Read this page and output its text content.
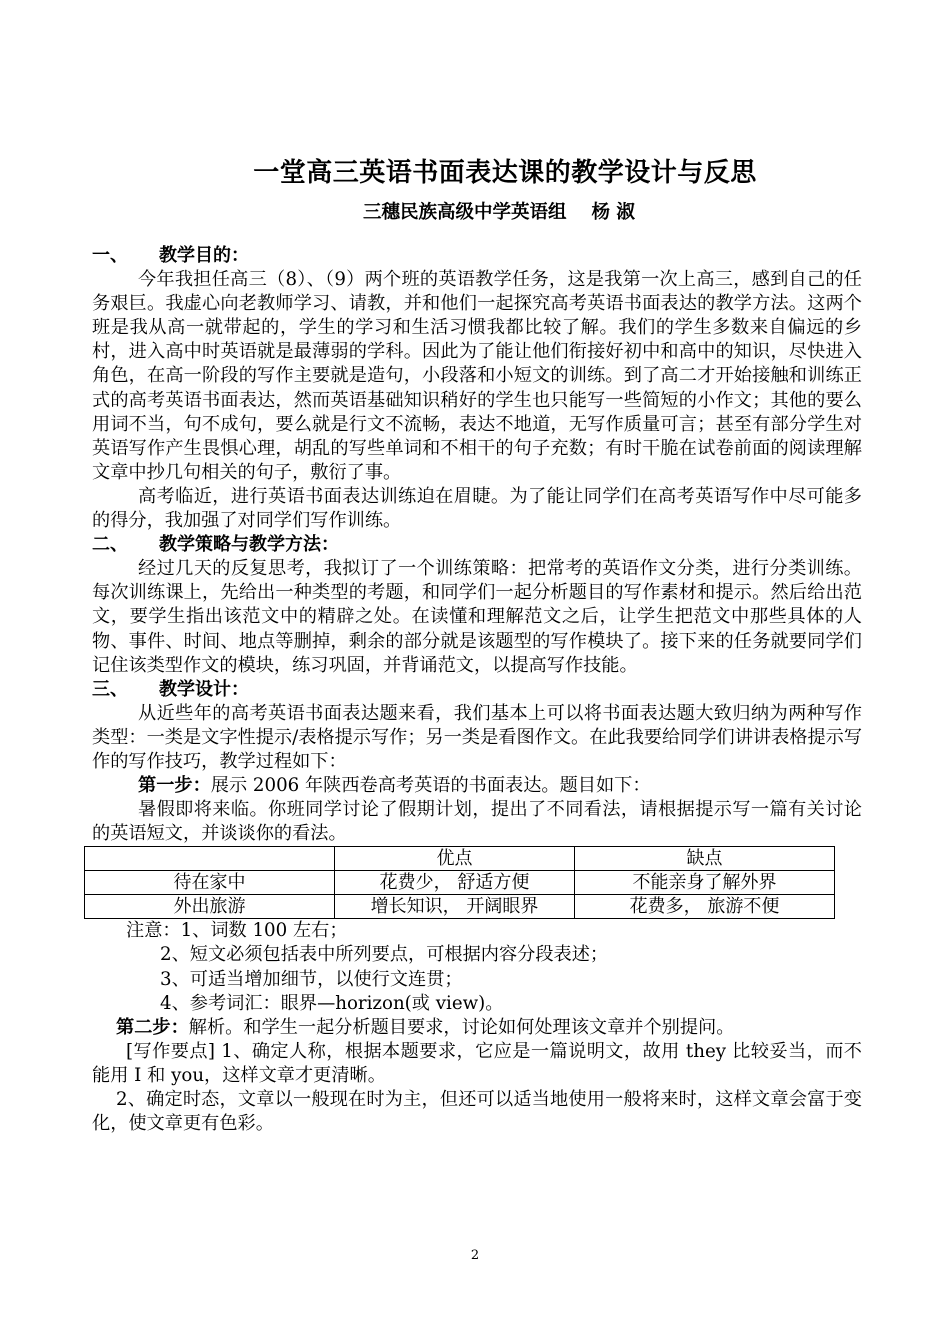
一堂高三英语书面表达课的教学设计与反思
三穗民族高级中学英语组　 杨 淑
一、 教学目的：

今年我担任高三（8）、（9）两个班的英语教学任务，这是我第一次上高三，感到自己的任务艰巨。我虚心向老教师学习、请教，并和他们一起探究高考英语书面表达的教学方法。这两个班是我从高一就带起的，学生的学习和生活习惯我都比较了解。我们的学生多数来自偏远的乡村，进入高中时英语就是最薄弱的学科。因此为了能让他们衔接好初中和高中的知识，尽快进入角色，在高一阶段的写作主要就是造句，小段落和小短文的训练。到了高二才开始接触和训练正式的高考英语书面表达，然而英语基础知识稍好的学生也只能写一些简短的小作文；其他的要么用词不当，句不成句，要么就是行文不流畅，表达不地道，无写作质量可言；甚至有部分学生对英语写作产生畏惧心理，胡乱的写些单词和不相干的句子充数；有时干脆在试卷前面的阅读理解文章中抄几句相关的句子，敷衍了事。

高考临近，进行英语书面表达训练迫在眉睫。为了能让同学们在高考英语写作中尽可能多的得分，我加强了对同学们写作训练。

二、 教学策略与教学方法：

经过几天的反复思考，我拟订了一个训练策略：把常考的英语作文分类，进行分类训练。每次训练课上，先给出一种类型的考题，和同学们一起分析题目的写作素材和提示。然后给出范文，要学生指出该范文中的精辟之处。在读懂和理解范文之后，让学生把范文中那些具体的人物、事件、时间、地点等删掉，剩余的部分就是该题型的写作模块了。接下来的任务就要同学们记住该类型作文的模块，练习巩固，并背诵范文，以提高写作技能。

三、 教学设计：

从近些年的高考英语书面表达题来看，我们基本上可以将书面表达题大致归纳为两种写作类型：一类是文字性提示/表格提示写作；另一类是看图作文。在此我要给同学们讲讲表格提示写作的写作技巧，教学过程如下：

第一步：展示 2006 年陕西卷高考英语的书面表达。题目如下：

暑假即将来临。你班同学讨论了假期计划，提出了不同看法，请根据提示写一篇有关讨论的英语短文，并谈谈你的看法。

	优点	缺点
待在家中	花费少， 舒适方便	不能亲身了解外界
外出旅游	增长知识， 开阔眼界	花费多， 旅游不便
注意：1、词数 100 左右；
2、短文必须包括表中所列要点，可根据内容分段表述；
3、可适当增加细节，以使行文连贯；
4、参考词汇：眼界—horizon(或 view)。

第二步：解析。和学生一起分析题目要求，讨论如何处理该文章并个别提问。

[写作要点] 1、确定人称，根据本题要求，它应是一篇说明文，故用 they 比较妥当，而不能用 I 和 you，这样文章才更清晰。

2、确定时态，文章以一般现在时为主，但还可以适当地使用一般将来时，这样文章会富于变化，使文章更有色彩。

2
